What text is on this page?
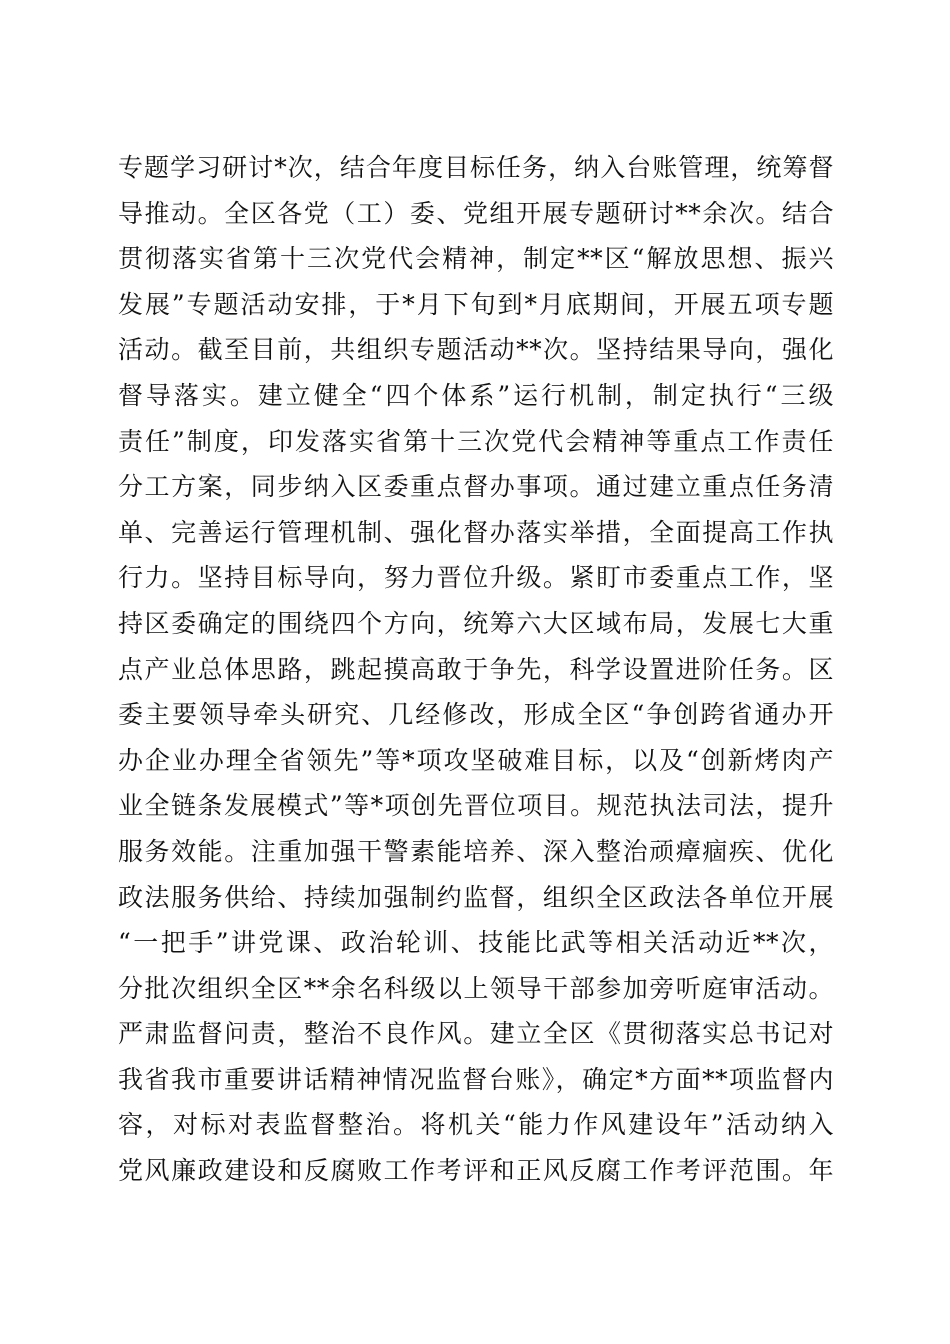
专题学习研讨*次，结合年度目标任务，纳入台账管理，统筹督
导推动。全区各党（工）委、党组开展专题研讨**余次。结合
贯彻落实省第十三次党代会精神，制定**区“解放思想、振兴
发展”专题活动安排，于*月下旬到*月底期间，开展五项专题
活动。截至目前，共组织专题活动**次。坚持结果导向，强化
督导落实。建立健全“四个体系”运行机制，制定执行“三级
责任”制度，印发落实省第十三次党代会精神等重点工作责任
分工方案，同步纳入区委重点督办事项。通过建立重点任务清
单、完善运行管理机制、强化督办落实举措，全面提高工作执
行力。坚持目标导向，努力晋位升级。紧盯市委重点工作，坚
持区委确定的围绕四个方向，统筹六大区域布局，发展七大重
点产业总体思路，跳起摸高敢于争先，科学设置进阶任务。区
委主要领导牵头研究、几经修改，形成全区“争创跨省通办开
办企业办理全省领先”等*项攻坚破难目标，以及“创新烤肉产
业全链条发展模式”等*项创先晋位项目。规范执法司法，提升
服务效能。注重加强干警素能培养、深入整治顽瘴痼疾、优化
政法服务供给、持续加强制约监督，组织全区政法各单位开展
“一把手”讲党课、政治轮训、技能比武等相关活动近**次，
分批次组织全区**余名科级以上领导干部参加旁听庭审活动。
严肃监督问责，整治不良作风。建立全区《贯彻落实总书记对
我省我市重要讲话精神情况监督台账》，确定*方面**项监督内
容，对标对表监督整治。将机关“能力作风建设年”活动纳入
党风廉政建设和反腐败工作考评和正风反腐工作考评范围。年
